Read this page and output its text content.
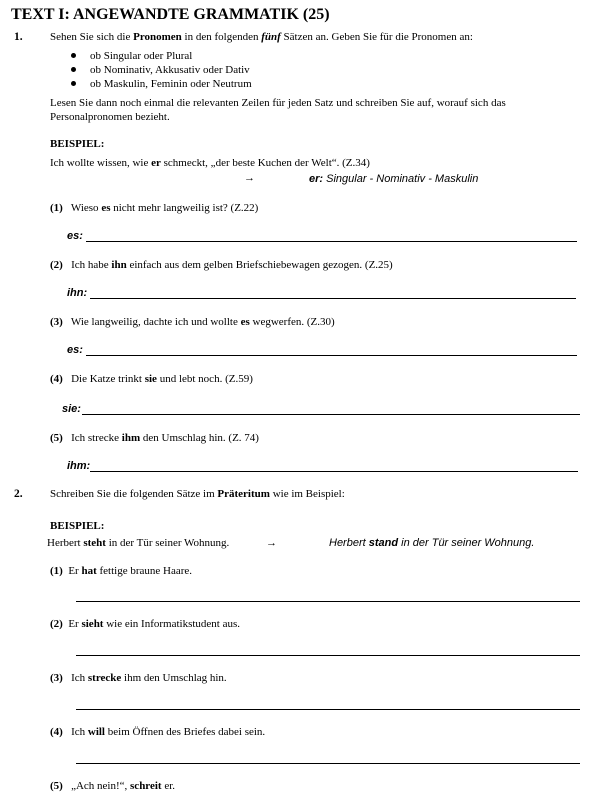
TEXT I: ANGEWANDTE GRAMMATIK (25)
1. Sehen Sie sich die Pronomen in den folgenden fünf Sätzen an. Geben Sie für die Pronomen an:
ob Singular oder Plural
ob Nominativ, Akkusativ oder Dativ
ob Maskulin, Feminin oder Neutrum
Lesen Sie dann noch einmal die relevanten Zeilen für jeden Satz und schreiben Sie auf, worauf sich das
Personalpronomen bezieht.
BEISPIEL:
Ich wollte wissen, wie er schmeckt, „der beste Kuchen der Welt“. (Z.34)
→	er: Singular - Nominativ - Maskulin
(1) Wieso es nicht mehr langweilig ist? (Z.22)
es:
(2) Ich habe ihn einfach aus dem gelben Briefschiebewagen gezogen. (Z.25)
ihn:
(3) Wie langweilig, dachte ich und wollte es wegwerfen. (Z.30)
es:
(4) Die Katze trinkt sie und lebt noch. (Z.59)
sie:
(5) Ich strecke ihm den Umschlag hin. (Z. 74)
ihm:
2. Schreiben Sie die folgenden Sätze im Präteritum wie im Beispiel:
BEISPIEL:
Herbert steht in der Tür seiner Wohnung.	→	Herbert stand in der Tür seiner Wohnung.
(1) Er hat fettige braune Haare.
(2) Er sieht wie ein Informatikstudent aus.
(3) Ich strecke ihm den Umschlag hin.
(4) Ich will beim Öffnen des Briefes dabei sein.
(5) „Ach nein!“, schreit er.
